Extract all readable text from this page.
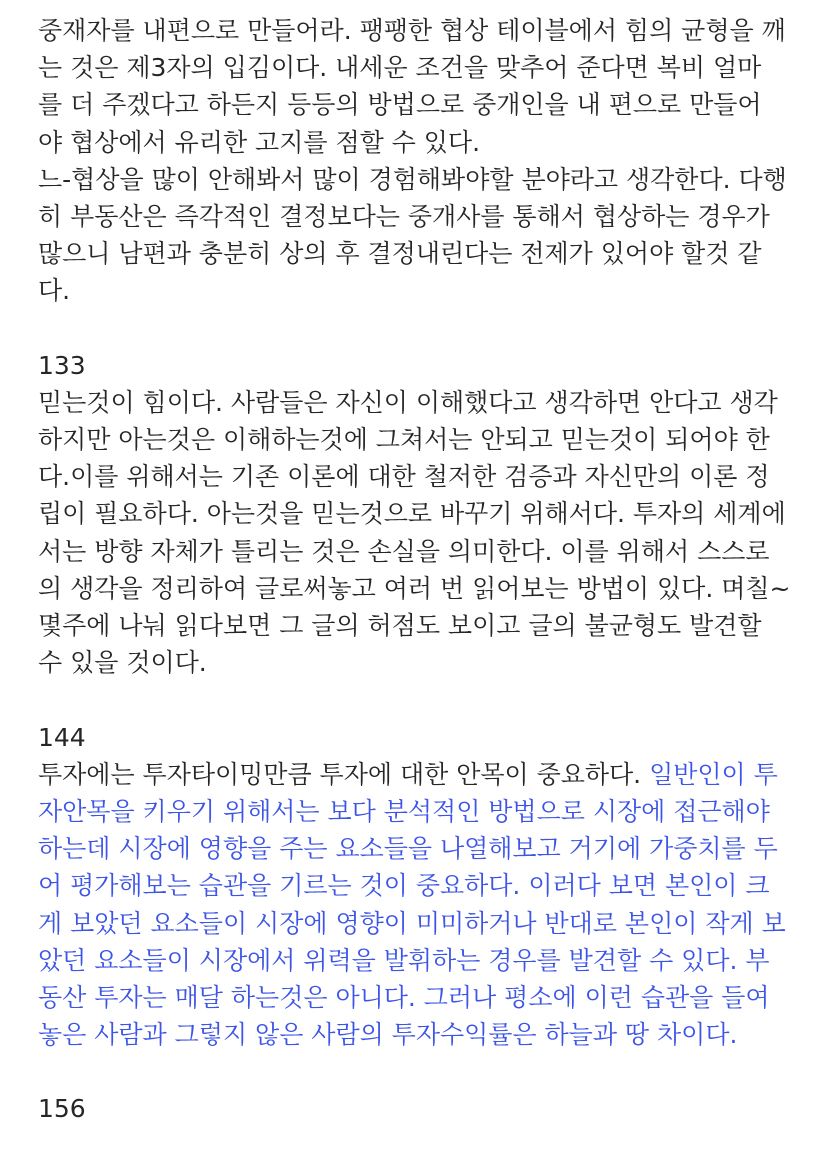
중재자를 내편으로 만들어라. 팽팽한 협상 테이블에서 힘의 균형을 깨
는 것은 제3자의 입김이다. 내세운 조건을 맞추어 준다면 복비 얼마
를 더 주겠다고 하든지 등등의 방법으로 중개인을 내 편으로 만들어
야 협상에서 유리한 고지를 점할 수 있다.
느-협상을 많이 안해봐서 많이 경험해봐야할 분야라고 생각한다. 다행
히 부동산은 즉각적인 결정보다는 중개사를 통해서 협상하는 경우가
많으니 남편과 충분히 상의 후 결정내린다는 전제가 있어야 할것 같
다.
133
믿는것이 힘이다. 사람들은 자신이 이해했다고 생각하면 안다고 생각
하지만 아는것은 이해하는것에 그쳐서는 안되고 믿는것이 되어야 한
다.이를 위해서는 기존 이론에 대한 철저한 검증과 자신만의 이론 정
립이 필요하다. 아는것을 믿는것으로 바꾸기 위해서다. 투자의 세계에
서는 방향 자체가 틀리는 것은 손실을 의미한다. 이를 위해서 스스로
의 생각을 정리하여 글로써놓고 여러 번 읽어보는 방법이 있다. 며칠~
몇주에 나눠 읽다보면 그 글의 허점도 보이고 글의 불균형도 발견할
수 있을 것이다.
144
투자에는 투자타이밍만큼 투자에 대한 안목이 중요하다. 일반인이 투
자안목을 키우기 위해서는 보다 분석적인 방법으로 시장에 접근해야
하는데 시장에 영향을 주는 요소들을 나열해보고 거기에 가중치를 두
어 평가해보는 습관을 기르는 것이 중요하다. 이러다 보면 본인이 크
게 보았던 요소들이 시장에 영향이 미미하거나 반대로 본인이 작게 보
았던 요소들이 시장에서 위력을 발휘하는 경우를 발견할 수 있다. 부
동산 투자는 매달 하는것은 아니다. 그러나 평소에 이런 습관을 들여
놓은 사람과 그렇지 않은 사람의 투자수익률은 하늘과 땅 차이다.
156
